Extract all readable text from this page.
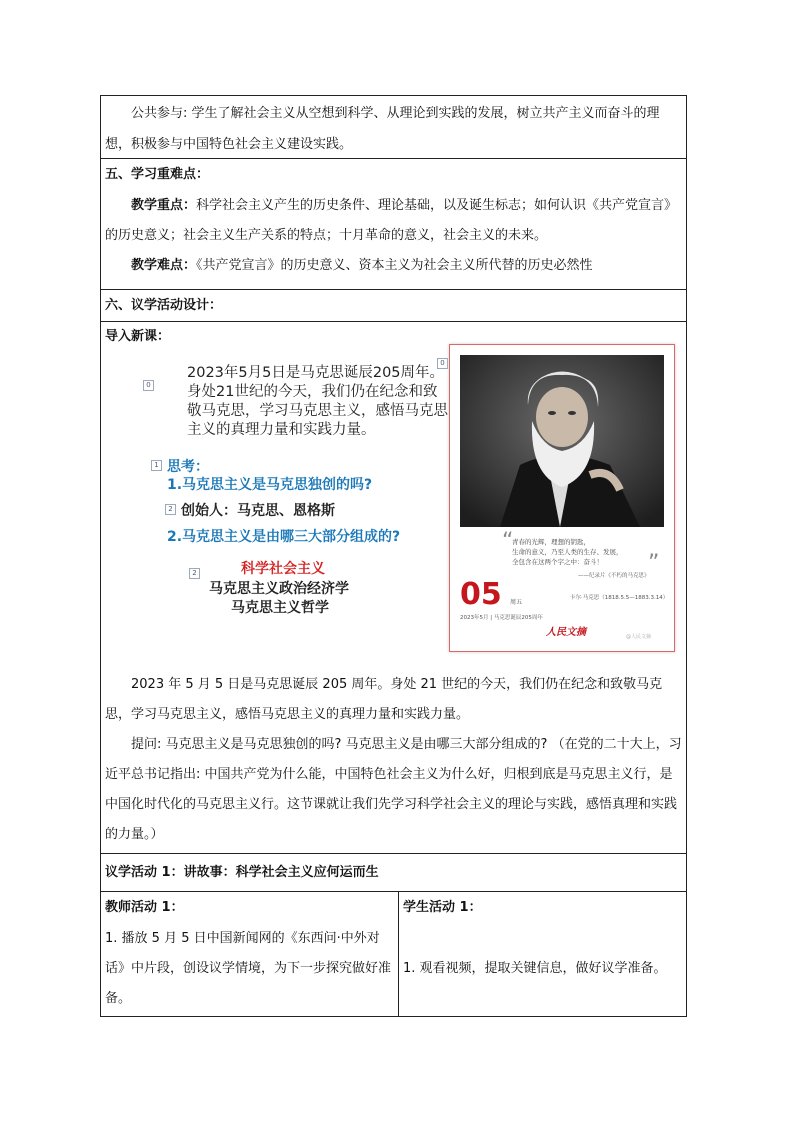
公共参与: 学生了解社会主义从空想到科学、从理论到实践的发展，树立共产主义而奋斗的理想，积极参与中国特色社会主义建设实践。

五、学习重难点：

教学重点：科学社会主义产生的历史条件、理论基础，以及诞生标志；如何认识《共产党宣言》的历史意义；社会主义生产关系的特点；十月革命的意义，社会主义的未来。

教学难点：《共产党宣言》的历史意义、资本主义为社会主义所代替的历史必然性

六、议学活动设计：

导入新课：

0
1
2
2
0
2023年5月5日是马克思诞辰205周年。身处21世纪的今天，我们仍在纪念和致敬马克思，学习马克思主义，感悟马克思主义的真理力量和实践力量。
思考：
1.马克思主义是马克思独创的吗?
创始人：马克思、恩格斯
2.马克思主义是由哪三大部分组成的?
科学社会主义
马克思主义政治经济学
马克思主义哲学
“
青春的光辉，理想的钥匙，
生命的意义，乃至人类的生存、发展，
全包含在这两个字之中：奋斗！	”
——纪录片《不朽的马克思》
05 周五
卡尔·马克思（1818.5.5—1883.3.14）
2023年5月 | 马克思诞辰205周年
人民文摘	@人民文摘

2023 年 5 月 5 日是马克思诞辰 205 周年。身处 21 世纪的今天，我们仍在纪念和致敬马克思，学习马克思主义，感悟马克思主义的真理力量和实践力量。

提问: 马克思主义是马克思独创的吗? 马克思主义是由哪三大部分组成的? （在党的二十大上，习近平总书记指出: 中国共产党为什么能，中国特色社会主义为什么好，归根到底是马克思主义行，是中国化时代化的马克思主义行。这节课就让我们先学习科学社会主义的理论与实践，感悟真理和实践的力量。）

议学活动 1：讲故事：科学社会主义应何运而生

教师活动 1：

1. 播放 5 月 5 日中国新闻网的《东西问·中外对话》中片段，创设议学情境，为下一步探究做好准备。

学生活动 1：

1. 观看视频，提取关键信息，做好议学准备。
